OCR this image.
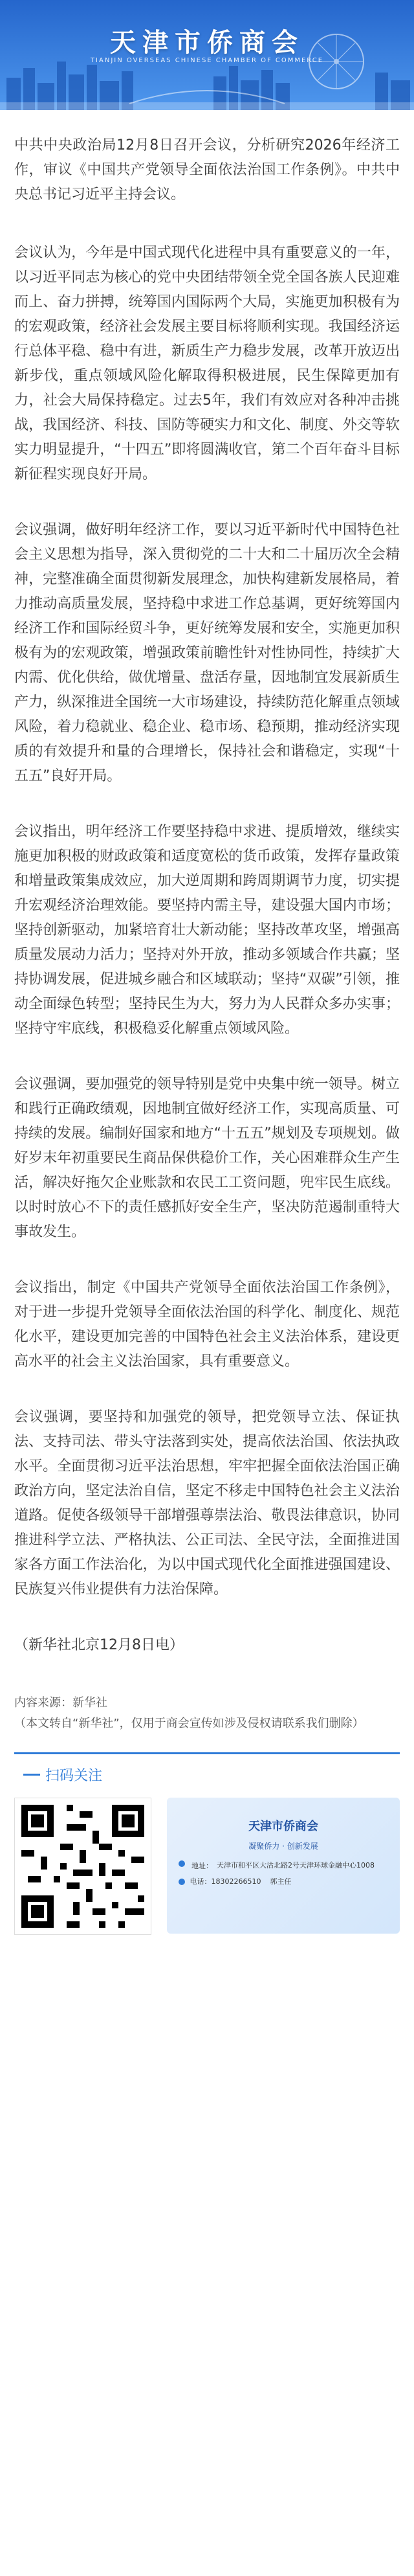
天津市侨商会
TIANJIN OVERSEAS CHINESE CHAMBER OF COMMERCE

中共中央政治局12月8日召开会议，分析研究2026年经济工作，审议《中国共产党领导全面依法治国工作条例》。中共中央总书记习近平主持会议。

会议认为，今年是中国式现代化进程中具有重要意义的一年，以习近平同志为核心的党中央团结带领全党全国各族人民迎难而上、奋力拼搏，统筹国内国际两个大局，实施更加积极有为的宏观政策，经济社会发展主要目标将顺利实现。我国经济运行总体平稳、稳中有进，新质生产力稳步发展，改革开放迈出新步伐，重点领域风险化解取得积极进展，民生保障更加有力，社会大局保持稳定。过去5年，我们有效应对各种冲击挑战，我国经济、科技、国防等硬实力和文化、制度、外交等软实力明显提升，“十四五”即将圆满收官，第二个百年奋斗目标新征程实现良好开局。

会议强调，做好明年经济工作，要以习近平新时代中国特色社会主义思想为指导，深入贯彻党的二十大和二十届历次全会精神，完整准确全面贯彻新发展理念，加快构建新发展格局，着力推动高质量发展，坚持稳中求进工作总基调，更好统筹国内经济工作和国际经贸斗争，更好统筹发展和安全，实施更加积极有为的宏观政策，增强政策前瞻性针对性协同性，持续扩大内需、优化供给，做优增量、盘活存量，因地制宜发展新质生产力，纵深推进全国统一大市场建设，持续防范化解重点领域风险，着力稳就业、稳企业、稳市场、稳预期，推动经济实现质的有效提升和量的合理增长，保持社会和谐稳定，实现“十五五”良好开局。

会议指出，明年经济工作要坚持稳中求进、提质增效，继续实施更加积极的财政政策和适度宽松的货币政策，发挥存量政策和增量政策集成效应，加大逆周期和跨周期调节力度，切实提升宏观经济治理效能。要坚持内需主导，建设强大国内市场；坚持创新驱动，加紧培育壮大新动能；坚持改革攻坚，增强高质量发展动力活力；坚持对外开放，推动多领域合作共赢；坚持协调发展，促进城乡融合和区域联动；坚持“双碳”引领，推动全面绿色转型；坚持民生为大，努力为人民群众多办实事；坚持守牢底线，积极稳妥化解重点领域风险。

会议强调，要加强党的领导特别是党中央集中统一领导。树立和践行正确政绩观，因地制宜做好经济工作，实现高质量、可持续的发展。编制好国家和地方“十五五”规划及专项规划。做好岁末年初重要民生商品保供稳价工作，关心困难群众生产生活，解决好拖欠企业账款和农民工工资问题，兜牢民生底线。以时时放心不下的责任感抓好安全生产，坚决防范遏制重特大事故发生。

会议指出，制定《中国共产党领导全面依法治国工作条例》，对于进一步提升党领导全面依法治国的科学化、制度化、规范化水平，建设更加完善的中国特色社会主义法治体系，建设更高水平的社会主义法治国家，具有重要意义。

会议强调，要坚持和加强党的领导，把党领导立法、保证执法、支持司法、带头守法落到实处，提高依法治国、依法执政水平。全面贯彻习近平法治思想，牢牢把握全面依法治国正确政治方向，坚定法治自信，坚定不移走中国特色社会主义法治道路。促使各级领导干部增强尊崇法治、敬畏法律意识，协同推进科学立法、严格执法、公正司法、全民守法，全面推进国家各方面工作法治化，为以中国式现代化全面推进强国建设、民族复兴伟业提供有力法治保障。

（新华社北京12月8日电）

内容来源：新华社

（本文转自“新华社”，仅用于商会宣传如涉及侵权请联系我们删除）

扫码关注
天津市侨商会
凝聚侨力 · 创新发展
地址： 天津市和平区大沽北路2号天津环球金融中心1008
电话：18302266510 郭主任
